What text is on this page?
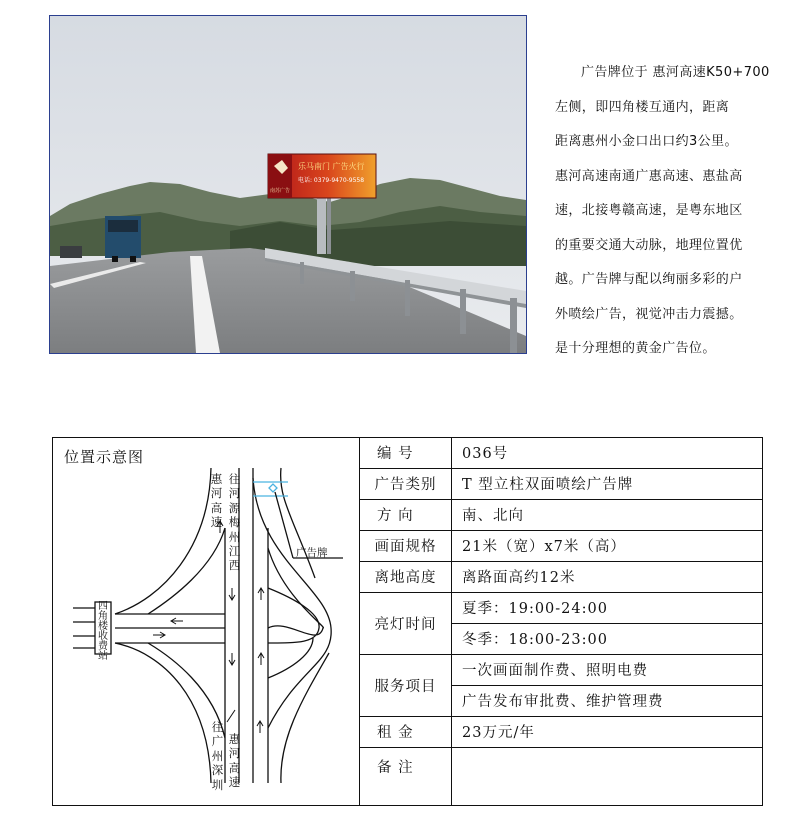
南苏广告
乐马南门 广告火行
电话: 0379-9470-9558
广告牌位于 惠河高速K50+700
左侧，即四角楼互通内，距离
距离惠州小金口出口约3公里。
惠河高速南通广惠高速、惠盐高
速，北接粤赣高速，是粤东地区
的重要交通大动脉，地理位置优
越。广告牌与配以绚丽多彩的户
外喷绘广告，视觉冲击力震撼。
是十分理想的黄金广告位。
位置示意图
惠河高速
往河源梅州江西
广告牌
四角楼收费站
往广州深圳
惠河高速
编 号	036号
广告类别	T 型立柱双面喷绘广告牌

方 向	南、北向
画面规格	21米（宽）x7米（高）
离地高度	离路面高约12米
亮灯时间	夏季：19:00-24:00
	冬季：18:00-23:00
服务项目	一次画面制作费、照明电费
	广告发布审批费、维护管理费

租 金	23万元/年

备 注	
